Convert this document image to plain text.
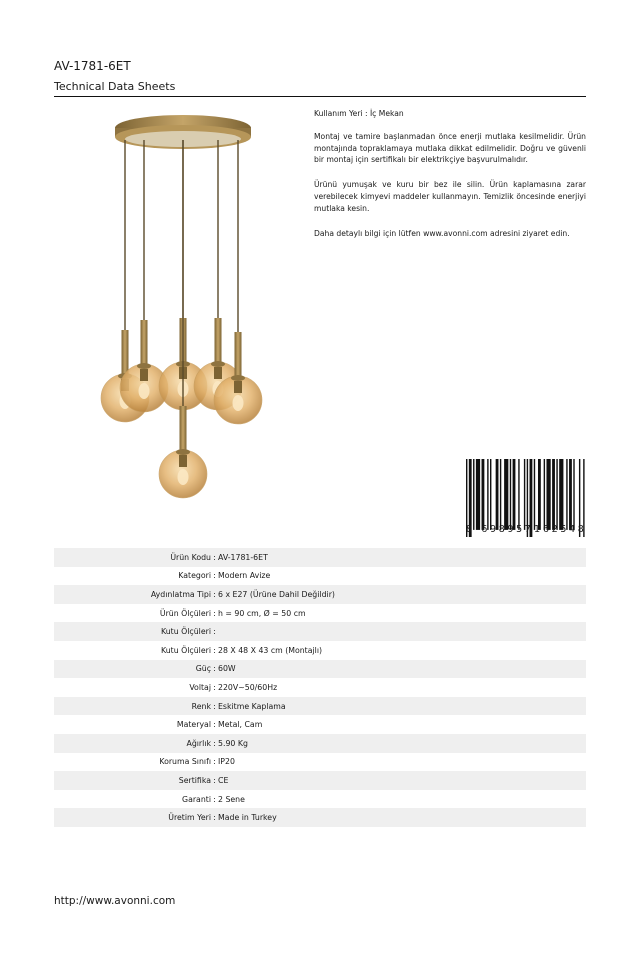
AV-1781-6ET
Technical Data Sheets

Kullanım Yeri : İç Mekan

Montaj ve tamire başlanmadan önce enerji mutlaka kesilmelidir. Ürün montajında topraklamaya mutlaka dikkat edilmelidir. Doğru ve güvenli bir montaj için sertifikalı bir elektrikçiye başvurulmalıdır.

Ürünü yumuşak ve kuru bir bez ile silin. Ürün kaplamasına zarar verebilecek kimyevi maddeler kullanmayın. Temizlik öncesinde enerjiyi mutlaka kesin.

Daha detaylı bilgi için lütfen www.avonni.com adresini ziyaret edin.

8 6 9 8 9 5 7 1 6 2 5 4 8
Ürün Kodu : AV-1781-6ET
Kategori : Modern Avize
Aydınlatma Tipi : 6 x E27 (Ürüne Dahil Değildir)
Ürün Ölçüleri : h = 90 cm, Ø = 50 cm
Kutu Ölçüleri :
Kutu Ölçüleri : 28 X 48 X 43 cm (Montajlı)
Güç : 60W
Voltaj : 220V~50/60Hz
Renk : Eskitme Kaplama
Materyal : Metal, Cam
Ağırlık : 5.90 Kg
Koruma Sınıfı : IP20
Sertifika : CE
Garanti : 2 Sene
Üretim Yeri : Made in Turkey
http://www.avonni.com
